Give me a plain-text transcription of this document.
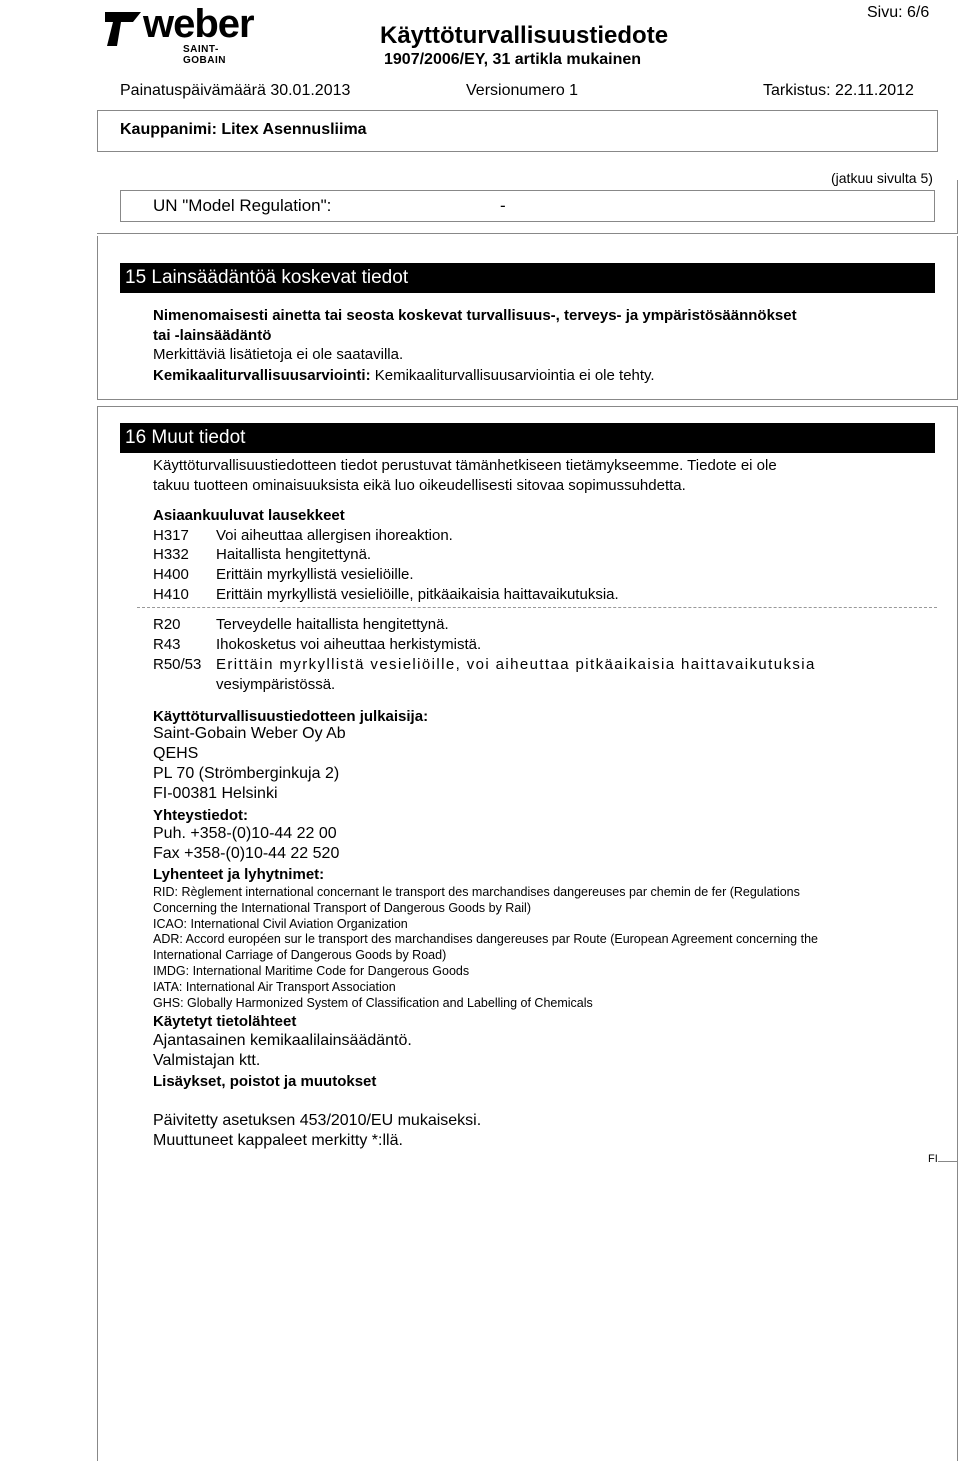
weber
SAINT-GOBAIN
Käyttöturvallisuustiedote
1907/2006/EY, 31 artikla mukainen
Sivu: 6/6
Painatuspäivämäärä 30.01.2013	Versionumero 1	Tarkistus: 22.11.2012
Kauppanimi: Litex Asennusliima
(jatkuu sivulta 5)
UN "Model Regulation":	-
15 Lainsäädäntöä koskevat tiedot
Nimenomaisesti ainetta tai seosta koskevat turvallisuus-, terveys- ja ympäristösäännökset
tai -lainsäädäntö
Merkittäviä lisätietoja ei ole saatavilla.
Kemikaaliturvallisuusarviointi: Kemikaaliturvallisuusarviointia ei ole tehty.
16 Muut tiedot
Käyttöturvallisuustiedotteen tiedot perustuvat tämänhetkiseen tietämykseemme. Tiedote ei ole
takuu tuotteen ominaisuuksista eikä luo oikeudellisesti sitovaa sopimussuhdetta.
Asiaankuuluvat lausekkeet
H317 Voi aiheuttaa allergisen ihoreaktion.
H332 Haitallista hengitettynä.
H400 Erittäin myrkyllistä vesieliöille.
H410 Erittäin myrkyllistä vesieliöille, pitkäaikaisia haittavaikutuksia.
R20 Terveydelle haitallista hengitettynä.
R43 Ihokosketus voi aiheuttaa herkistymistä.
R50/53 Erittäin myrkyllistä vesieliöille, voi aiheuttaa pitkäaikaisia haittavaikutuksia
vesiympäristössä.
Käyttöturvallisuustiedotteen julkaisija:
Saint-Gobain Weber Oy Ab
QEHS
PL 70 (Strömberginkuja 2)
FI-00381 Helsinki
Yhteystiedot:
Puh. +358-(0)10-44 22 00
Fax +358-(0)10-44 22 520
Lyhenteet ja lyhytnimet:
RID: Règlement international concernant le transport des marchandises dangereuses par chemin de fer (Regulations
Concerning the International Transport of Dangerous Goods by Rail)
ICAO: International Civil Aviation Organization
ADR: Accord européen sur le transport des marchandises dangereuses par Route (European Agreement concerning the
International Carriage of Dangerous Goods by Road)
IMDG: International Maritime Code for Dangerous Goods
IATA: International Air Transport Association
GHS: Globally Harmonized System of Classification and Labelling of Chemicals
Käytetyt tietolähteet
Ajantasainen kemikaalilainsäädäntö.
Valmistajan ktt.
Lisäykset, poistot ja muutokset
Päivitetty asetuksen 453/2010/EU mukaiseksi.
Muuttuneet kappaleet merkitty *:llä.
FI
